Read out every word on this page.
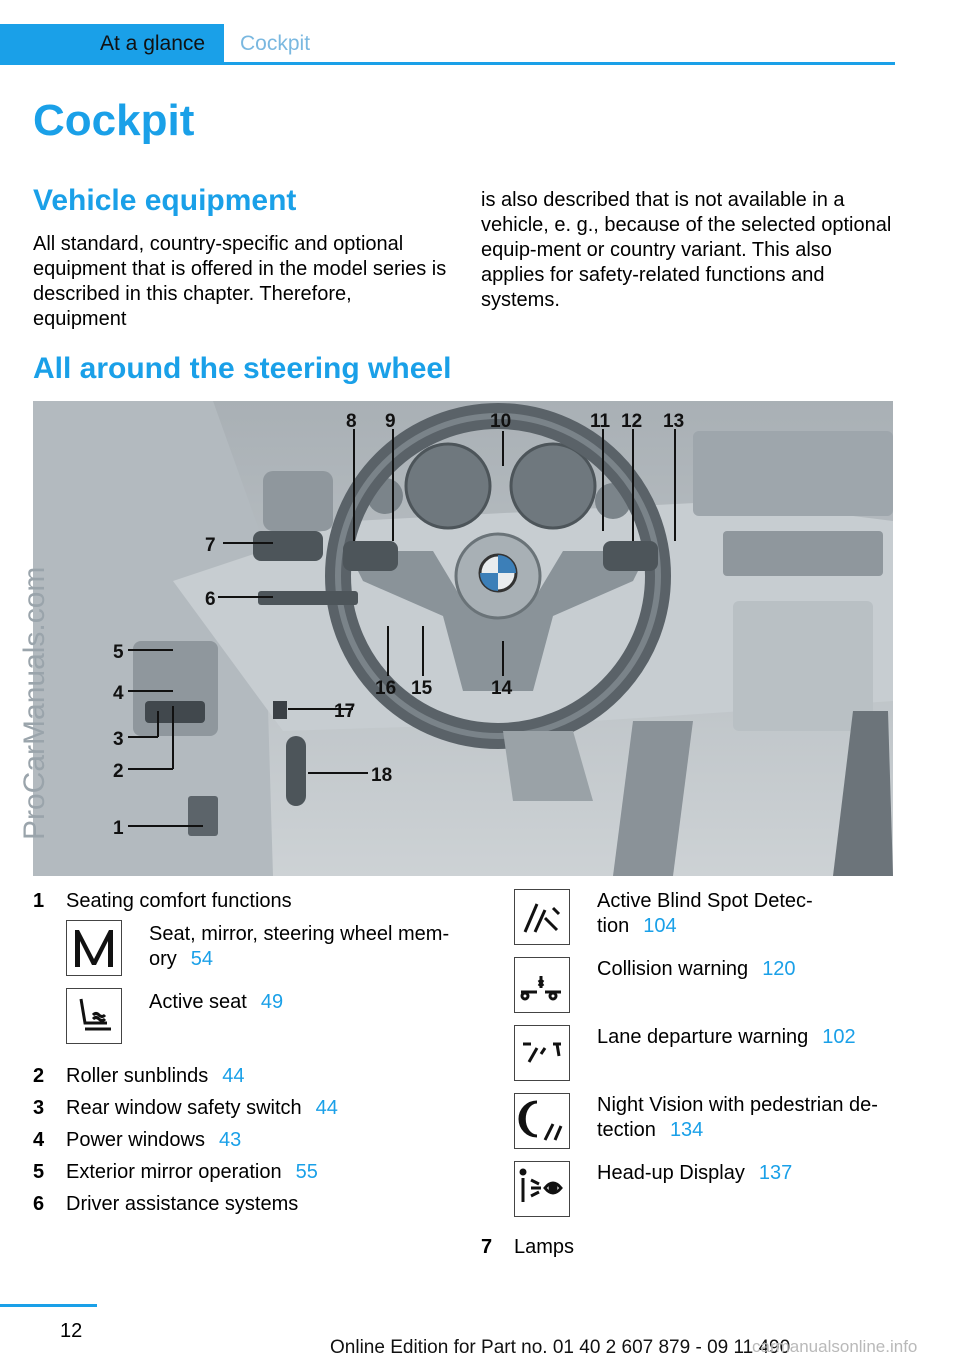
At a glance Cockpit
Cockpit
Vehicle equipment
All standard, country-specific and optional equipment that is offered in the model series is described in this chapter. Therefore, equipment
is also described that is not available in a vehicle, e. g., because of the selected optional equip-ment or country variant. This also applies for safety-related functions and systems.
All around the steering wheel
1
2
3
4
5
6
7
8 9	10	11 12 13
14
15
16
17
18
ProCarManuals.com
1 Seating comfort functions
Seat, mirror, steering wheel mem-
ory 54
Active seat 49
2 Roller sunblinds 44
3 Rear window safety switch 44
4 Power windows 43
5 Exterior mirror operation 55
6 Driver assistance systems
Active Blind Spot Detec-
tion 104
Collision warning 120
Lane departure warning 102
Night Vision with pedestrian de-
tection 134
Head-up Display 137
7 Lamps
12
Online Edition for Part no. 01 40 2 607 879 - 09 11 490
carmanualsonline.info
